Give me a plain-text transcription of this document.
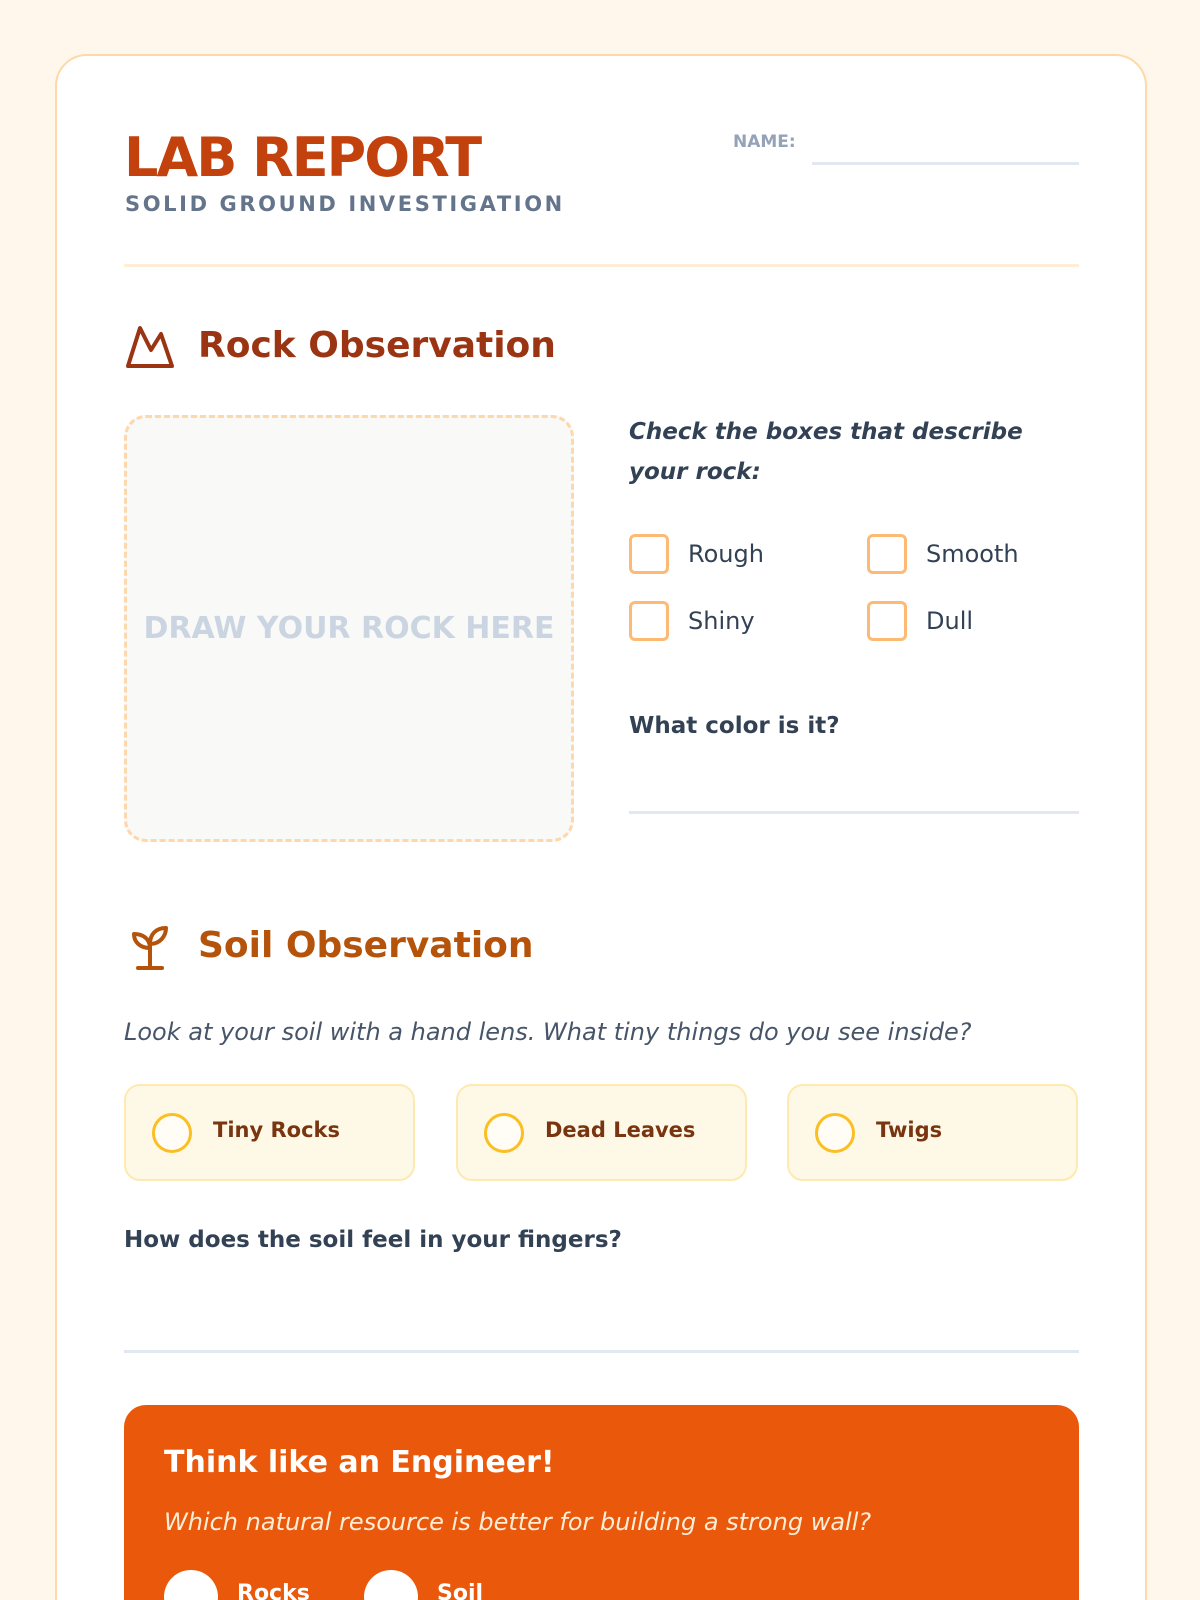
LAB REPORT
SOLID GROUND INVESTIGATION
NAME:
Rock Observation
DRAW YOUR ROCK HERE
Check the boxes that describe your rock:
Rough	Smooth
Shiny	Dull
What color is it?
Soil Observation
Look at your soil with a hand lens. What tiny things do you see inside?
Tiny Rocks	Dead Leaves	Twigs
How does the soil feel in your fingers?
Think like an Engineer!
Which natural resource is better for building a strong wall?
Rocks	Soil
